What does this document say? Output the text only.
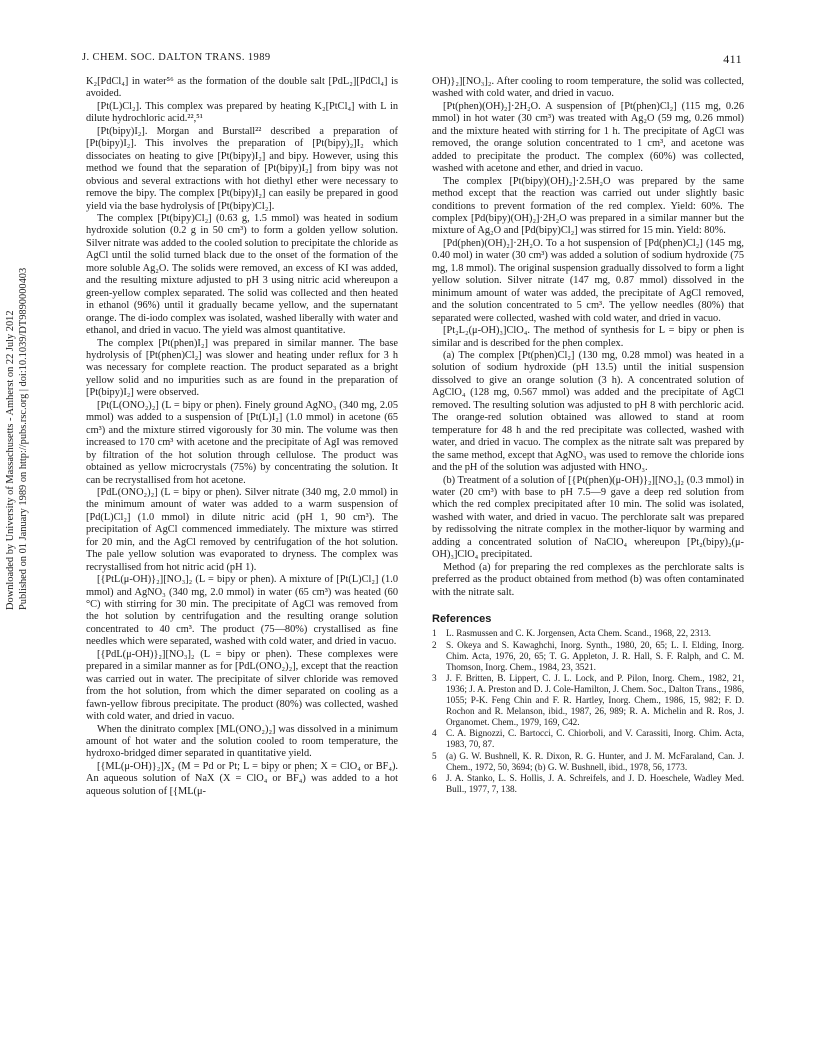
J. CHEM. SOC. DALTON TRANS. 1989	411
Downloaded by University of Massachusetts - Amherst on 22 July 2012 Published on 01 January 1989 on http://pubs.rsc.org | doi:10.1039/DT9890000403

K₂[PdCl₄] in water⁵⁶ as the formation of the double salt [PdL₂][PdCl₄] is avoided.

[Pt(L)Cl₂]. This complex was prepared by heating K₂[PtCl₄] with L in dilute hydrochloric acid.²²,⁵¹

[Pt(bipy)I₂]. Morgan and Burstall²² described a preparation of [Pt(bipy)I₂]. This involves the preparation of [Pt(bipy)₂]I₂ which dissociates on heating to give [Pt(bipy)I₂] and bipy. However, using this method we found that the separation of [Pt(bipy)I₂] from bipy was not obvious and several extractions with hot diethyl ether were necessary to remove the bipy. The complex [Pt(bipy)I₂] can easily be prepared in good yield via the base hydrolysis of [Pt(bipy)Cl₂].

The complex [Pt(bipy)Cl₂] (0.63 g, 1.5 mmol) was heated in sodium hydroxide solution (0.2 g in 50 cm³) to form a golden yellow solution. Silver nitrate was added to the cooled solution to precipitate the chloride as AgCl until the solid turned black due to the onset of the formation of the more soluble Ag₂O. The solids were removed, an excess of KI was added, and the resulting mixture adjusted to pH 3 using nitric acid whereupon a green-yellow complex separated. The solid was collected and then heated in ethanol (96%) until it gradually became yellow, and the supernatant orange. The di-iodo complex was isolated, washed liberally with water and ethanol, and dried in vacuo. The yield was almost quantitative.

The complex [Pt(phen)I₂] was prepared in similar manner. The base hydrolysis of [Pt(phen)Cl₂] was slower and heating under reflux for 3 h was necessary for complete reaction. The product separated as a bright yellow solid and no impurities such as are found in the preparation of [Pt(bipy)I₂] were observed.

[Pt(L(ONO₂)₂] (L = bipy or phen). Finely ground AgNO₃ (340 mg, 2.05 mmol) was added to a suspension of [Pt(L)I₂] (1.0 mmol) in acetone (65 cm³) and the mixture stirred vigorously for 30 min. The volume was then increased to 170 cm³ with acetone and the precipitate of AgI was removed by filtration of the hot solution through cellulose. The product was obtained as yellow microcrystals (75%) by concentrating the solution. It can be recrystallised from hot acetone.

[PdL(ONO₂)₂] (L = bipy or phen). Silver nitrate (340 mg, 2.0 mmol) in the minimum amount of water was added to a warm suspension of [Pd(L)Cl₂] (1.0 mmol) in dilute nitric acid (pH 1, 90 cm³). The precipitation of AgCl commenced immediately. The mixture was stirred for 20 min, and the AgCl removed by centrifugation of the hot solution. The pale yellow solution was evaporated to dryness. The complex was recrystallised from hot nitric acid (pH 1).

[{PtL(μ-OH)}₂][NO₃]₂ (L = bipy or phen). A mixture of [Pt(L)Cl₂] (1.0 mmol) and AgNO₃ (340 mg, 2.0 mmol) in water (65 cm³) was heated (60 °C) with stirring for 30 min. The precipitate of AgCl was removed from the hot solution by centrifugation and the resulting orange solution concentrated to 40 cm³. The product (75—80%) crystallised as fine needles which were separated, washed with cold water, and dried in vacuo.

[{PdL(μ-OH)}₂][NO₃]₂ (L = bipy or phen). These complexes were prepared in a similar manner as for [PdL(ONO₂)₂], except that the reaction was carried out in water. The precipitate of silver chloride was removed from the hot solution, from which the dimer separated on cooling as a fawn-yellow fibrous precipitate. The product (80%) was collected, washed with cold water, and dried in vacuo.

When the dinitrato complex [ML(ONO₂)₂] was dissolved in a minimum amount of hot water and the solution cooled to room temperature, the hydroxo-bridged dimer separated in quantitative yield.

[{ML(μ-OH)}₂]X₂ (M = Pd or Pt; L = bipy or phen; X = ClO₄ or BF₄). An aqueous solution of NaX (X = ClO₄ or BF₄) was added to a hot aqueous solution of [{ML(μ-

OH)}₂][NO₃]₂. After cooling to room temperature, the solid was collected, washed with cold water, and dried in vacuo.

[Pt(phen)(OH)₂]·2H₂O. A suspension of [Pt(phen)Cl₂] (115 mg, 0.26 mmol) in hot water (30 cm³) was treated with Ag₂O (59 mg, 0.26 mmol) and the mixture heated with stirring for 1 h. The precipitate of AgCl was removed, the orange solution concentrated to 1 cm³, and acetone was added to precipitate the product. The complex (60%) was collected, washed with acetone and ether, and dried in vacuo.

The complex [Pt(bipy)(OH)₂]·2.5H₂O was prepared by the same method except that the reaction was carried out under slightly basic conditions to prevent formation of the red complex. Yield: 60%. The complex [Pd(bipy)(OH)₂]·2H₂O was prepared in a similar manner but the mixture of Ag₂O and [Pd(bipy)Cl₂] was stirred for 15 min. Yield: 80%.

[Pd(phen)(OH)₂]·2H₂O. To a hot suspension of [Pd(phen)Cl₂] (145 mg, 0.40 mol) in water (30 cm³) was added a solution of sodium hydroxide (75 mg, 1.8 mmol). The original suspension gradually dissolved to form a light yellow solution. Silver nitrate (147 mg, 0.87 mmol) dissolved in the minimum amount of water was added, the precipitate of AgCl removed, and the solution concentrated to 5 cm³. The yellow needles (80%) that separated were collected, washed with cold water, and dried in vacuo.

[Pt₂L₂(μ-OH)₃]ClO₄. The method of synthesis for L = bipy or phen is similar and is described for the phen complex.

(a) The complex [Pt(phen)Cl₂] (130 mg, 0.28 mmol) was heated in a solution of sodium hydroxide (pH 13.5) until the initial suspension dissolved to give an orange solution (3 h). A concentrated solution of AgClO₄ (128 mg, 0.567 mmol) was added and the precipitate of AgCl removed. The resulting solution was adjusted to pH 8 with perchloric acid. The orange-red solution obtained was allowed to stand at room temperature for 48 h and the red precipitate was collected, washed with water, and dried in vacuo. The complex as the nitrate salt was prepared by the same method, except that AgNO₃ was used to remove the chloride ions and the pH of the solution was adjusted with HNO₃.

(b) Treatment of a solution of [{Pt(phen)(μ-OH)}₂][NO₃]₂ (0.3 mmol) in water (20 cm³) with base to pH 7.5—9 gave a deep red solution from which the red complex precipitated after 10 min. The solid was isolated, washed with water, and dried in vacuo. The perchlorate salt was prepared by redissolving the nitrate complex in the mother-liquor by warming and adding a concentrated solution of NaClO₄ whereupon [Pt₂(bipy)₂(μ-OH)₃]ClO₄ precipitated.

Method (a) for preparing the red complexes as the perchlorate salts is preferred as the product obtained from method (b) was often contaminated with the nitrate salt.

References
1 L. Rasmussen and C. K. Jorgensen, Acta Chem. Scand., 1968, 22, 2313.
2 S. Okeya and S. Kawaghchi, Inorg. Synth., 1980, 20, 65; L. I. Elding, Inorg. Chim. Acta, 1976, 20, 65; T. G. Appleton, J. R. Hall, S. F. Ralph, and C. M. Thomson, Inorg. Chem., 1984, 23, 3521.
3 J. F. Britten, B. Lippert, C. J. L. Lock, and P. Pilon, Inorg. Chem., 1982, 21, 1936; J. A. Preston and D. J. Cole-Hamilton, J. Chem. Soc., Dalton Trans., 1986, 1055; P-K. Feng Chin and F. R. Hartley, Inorg. Chem., 1986, 15, 982; F. D. Rochon and R. Melanson, ibid., 1987, 26, 989; R. A. Michelin and R. Ros, J. Organomet. Chem., 1979, 169, C42.
4 C. A. Bignozzi, C. Bartocci, C. Chiorboli, and V. Carassiti, Inorg. Chim. Acta, 1983, 70, 87.
5 (a) G. W. Bushnell, K. R. Dixon, R. G. Hunter, and J. M. McFaraland, Can. J. Chem., 1972, 50, 3694; (b) G. W. Bushnell, ibid., 1978, 56, 1773.
6 J. A. Stanko, L. S. Hollis, J. A. Schreifels, and J. D. Hoeschele, Wadley Med. Bull., 1977, 7, 138.
